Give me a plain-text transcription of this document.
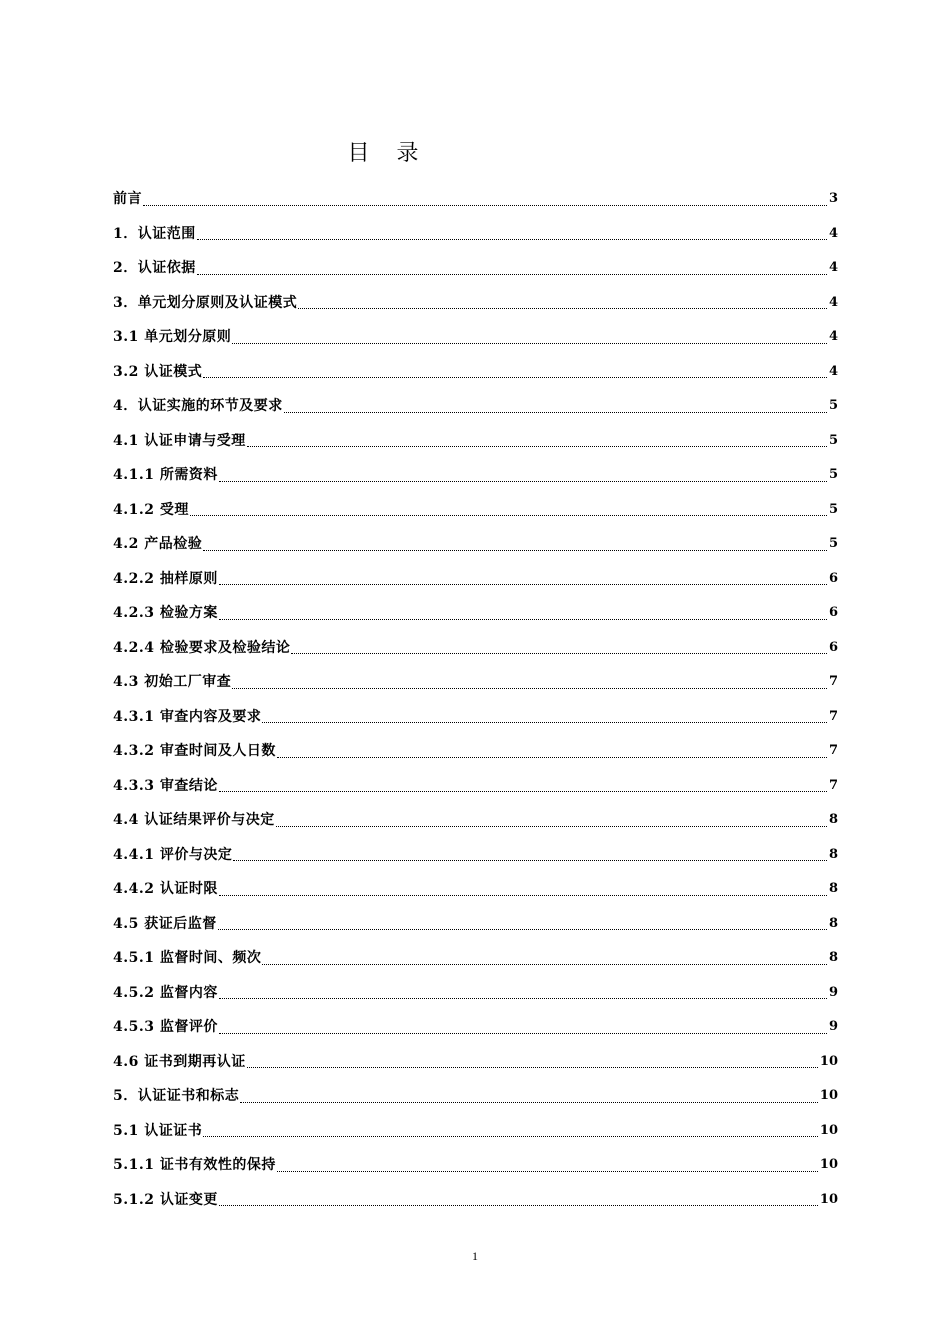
目 录
前言	3
1．认证范围	4
2．认证依据	4
3．单元划分原则及认证模式	4
3.1 单元划分原则	4
3.2 认证模式	4
4．认证实施的环节及要求	5
4.1 认证申请与受理	5
4.1.1 所需资料	5
4.1.2 受理	5
4.2 产品检验	5
4.2.2 抽样原则	6
4.2.3 检验方案	6
4.2.4 检验要求及检验结论	6
4.3 初始工厂审查	7
4.3.1 审查内容及要求	7
4.3.2 审查时间及人日数	7
4.3.3 审查结论	7
4.4 认证结果评价与决定	8
4.4.1 评价与决定	8
4.4.2 认证时限	8
4.5 获证后监督	8
4.5.1 监督时间、频次	8
4.5.2 监督内容	9
4.5.3 监督评价	9
4.6 证书到期再认证	10
5．认证证书和标志	10
5.1 认证证书	10
5.1.1 证书有效性的保持	10
5.1.2 认证变更	10
1
